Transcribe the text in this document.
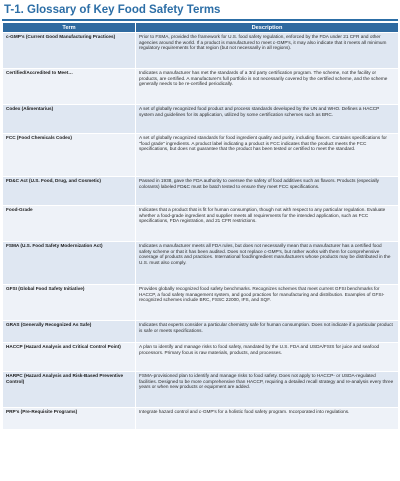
T-1. Glossary of Key Food Safety Terms
Term	Description
c-GMP's (Current Good Manufacturing Practices)	Prior to FSMA, provided the framework for U.S. food safety regulation, enforced by the FDA under 21 CFR and other agencies around the world. If a product is manufactured to meet c-GMP's, it may also indicate that it meets all minimum regulatory requirements for that region (but not necessarily in all regions).
Certified/Accredited to Meet…	Indicates a manufacturer has met the standards of a 3rd party certification program. The scheme, not the facility or products, are certified. A manufacturer's full portfolio is not necessarily covered by the certified scheme, and the scheme generally needs to be re-certified periodically.
Codex (Alimentarius)	A set of globally recognized food product and process standards developed by the UN and WHO. Defines a HACCP system and guidelines for its application, utilized by some certification schemes such as BRC.
FCC (Food Chemicals Codex)	A set of globally recognized standards for food ingredient quality and purity, including flavors. Contains specifications for "food grade" ingredients. A product label indicating a product is FCC indicates that the product meets the FCC specifications, but does not guarantee that the product has been tested or certified to meet the standard.
FD&C Act (U.S. Food, Drug, and Cosmetic)	Passed in 1938, gave the FDA authority to oversee the safety of food additives such as flavors. Products (especially colorants) labeled FD&C must be batch tested to ensure they meet FCC specifications.
Food-Grade	Indicates that a product that is fit for human consumption, though not with respect to any particular regulation. Evaluate whether a food-grade ingredient and supplier meets all requirements for the intended application, such as FCC specifications, FDA registration, and 21 CFR restrictions.
FSMA (U.S. Food Safety Modernization Act)	Indicates a manufacturer meets all FDA rules, but does not necessarily mean that a manufacturer has a certified food safety scheme or that it has been audited. Does not replace c-GMP's, but rather works with them for comprehensive coverage of products and practices. International food/ingredient manufacturers whose products may be distributed in the U.S. must also comply.
GFSI (Global Food Safety Initiative)	Provides globally recognized food safety benchmarks. Recognizes schemes that meet current GFSI benchmarks for HACCP, a food safety management system, and good practices for manufacturing and distribution. Examples of GFSI-recognized schemes include BRC, FSSC 22000, IFS, and SQF.
GRAS (Generally Recognized As Safe)	Indicates that experts consider a particular chemistry safe for human consumption. Does not indicate if a particular product is safe or meets specifications.
HACCP (Hazard Analysis and Critical Control Point)	A plan to identify and manage risks to food safety, mandated by the U.S. FDA and USDA/FSIS for juice and seafood processors. Primary focus is raw materials, products, and processes.
HARPC (Hazard Analysis and Risk-Based Preventive Control)	FSMA-provisioned plan to identify and manage risks to food safety. Does not apply to HACCP- or USDA-regulated facilities. Designed to be more comprehensive than HACCP, requiring a detailed recall strategy and re-analysis every three years or when new products or equipment are added.
PRP's (Pre-Requisite Programs)	Integrate hazard control and c-GMP's for a holistic food safety program. Incorporated into regulations.
